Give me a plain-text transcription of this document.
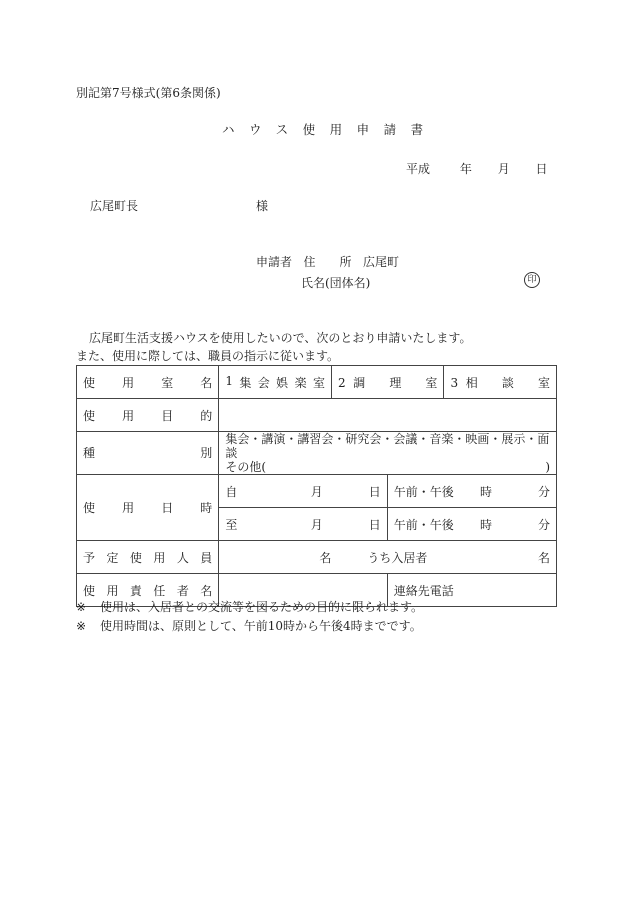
別記第7号様式(第6条関係)
ハウス使用申請書
平成 年 月 日
広尾町長	様
申請者 住　　所 広尾町
氏名(団体名)	印
広尾町生活支援ハウスを使用したいので、次のとおり申請いたします。
また、使用に際しては、職員の指示に従います。
使 用 室 名	1 集 会 娯 楽 室	2 調 理 室	3 相 談 室

使 用 目 的				

種	別

集会・講演・講習会・研究会・会議・音楽・映画・展示・面談
その他(	)

使 用 日 時	自 月 日		午前・午後 時 分	

	至 月 日		午前・午後 時 分	

予 定 使 用 人 員	名	うち入居者	名

使 用 責 任 者 名		連絡先電話
※ 使用は、入居者との交流等を図るための目的に限られます。
※ 使用時間は、原則として、午前10時から午後4時までです。
